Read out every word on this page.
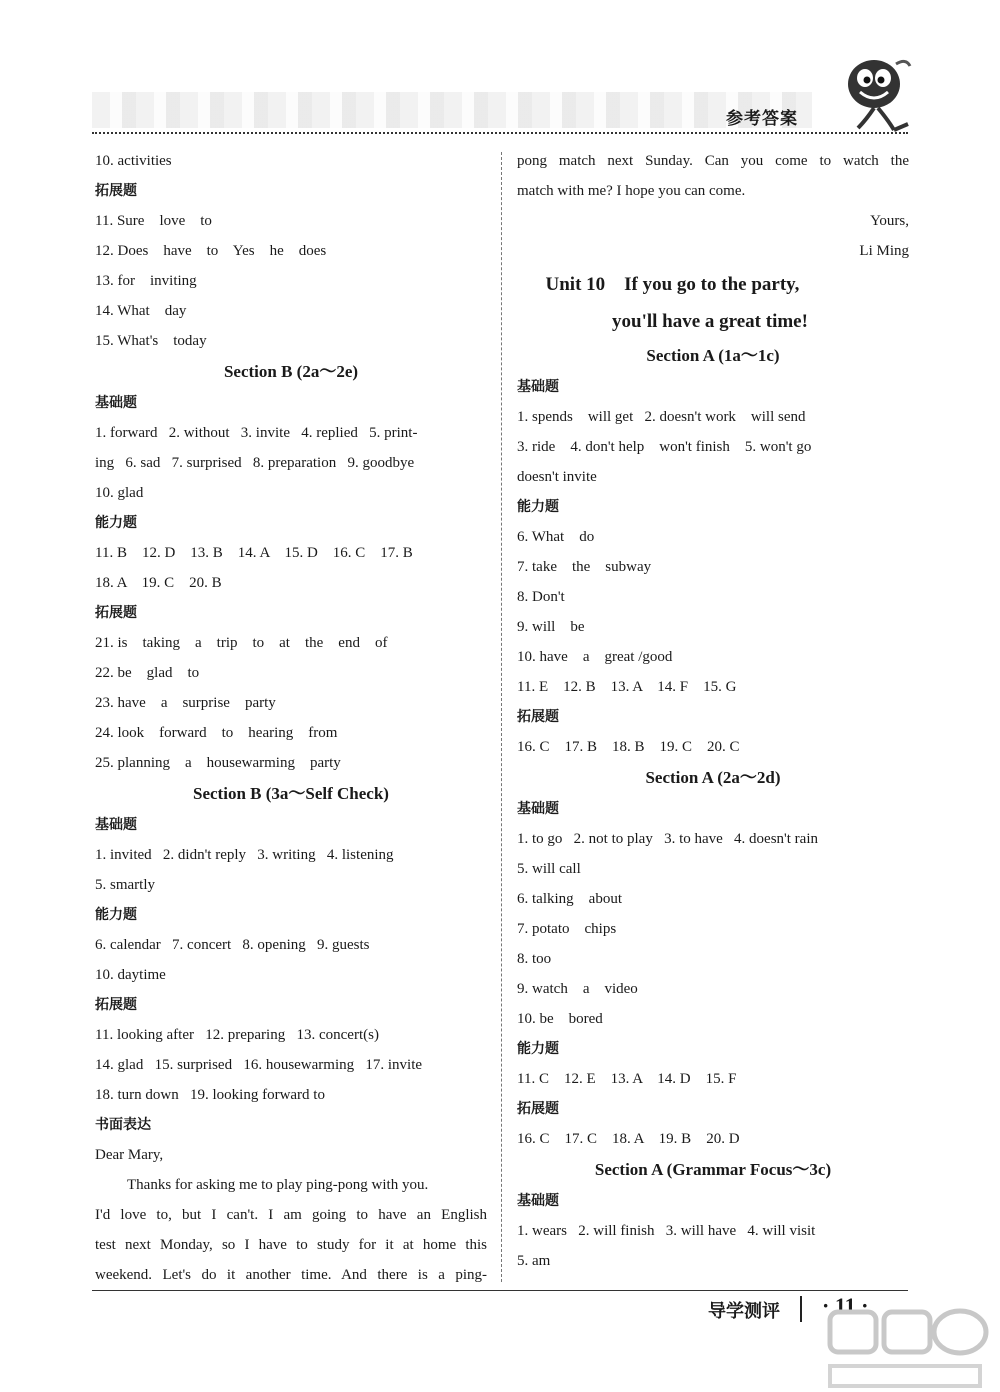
参考答案
10. activities
拓展题
11. Sure    love    to
12. Does    have    to    Yes    he    does
13. for    inviting
14. What    day
15. What's    today
Section B (2a～2e)
基础题
1. forward   2. without   3. invite   4. replied   5. print-
ing   6. sad   7. surprised   8. preparation   9. goodbye
10. glad
能力题
11. B    12. D    13. B    14. A    15. D    16. C    17. B
18. A    19. C    20. B
拓展题
21. is    taking    a    trip    to    at    the    end    of
22. be    glad    to
23. have    a    surprise    party
24. look    forward    to    hearing    from
25. planning    a    housewarming    party
Section B (3a～Self Check)
基础题
1. invited   2. didn't reply   3. writing   4. listening
5. smartly
能力题
6. calendar   7. concert   8. opening   9. guests
10. daytime
拓展题
11. looking after   12. preparing   13. concert(s)
14. glad   15. surprised   16. housewarming   17. invite
18. turn down   19. looking forward to
书面表达
Dear Mary,
Thanks for asking me to play ping-pong with you.
I'd love to, but I can't. I am going to have an English
test next Monday, so I have to study for it at home this
weekend. Let's do it another time. And there is a ping-
pong match next Sunday. Can you come to watch the
match with me? I hope you can come.
Yours,
Li Ming
Unit 10    If you go to the party,
you'll have a great time!
Section A (1a～1c)
基础题
1. spends    will get   2. doesn't work    will send
3. ride    4. don't help    won't finish    5. won't go
doesn't invite
能力题
6. What    do
7. take    the    subway
8. Don't
9. will    be
10. have    a    great /good
11. E    12. B    13. A    14. F    15. G
拓展题
16. C    17. B    18. B    19. C    20. C
Section A (2a～2d)
基础题
1. to go   2. not to play   3. to have   4. doesn't rain
5. will call
6. talking    about
7. potato    chips
8. too
9. watch    a    video
10. be    bored
能力题
11. C    12. E    13. A    14. D    15. F
拓展题
16. C    17. C    18. A    19. B    20. D
Section A (Grammar Focus～3c)
基础题
1. wears   2. will finish   3. will have   4. will visit
5. am
导学测评 · 11 ·
